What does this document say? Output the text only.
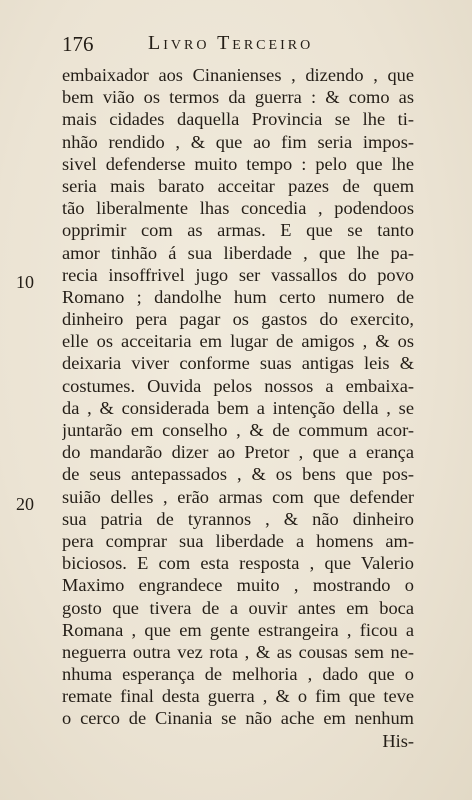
176	Livro Terceiro
10
20
embaixador aos Cinanienses , dizendo , que
bem vião os termos da guerra : & como as
mais cidades daquella Provincia se lhe ti-
nhão rendido , & que ao fim seria impos-
sivel defenderse muito tempo : pelo que lhe
seria mais barato acceitar pazes de quem
tão liberalmente lhas concedia , podendoos
opprimir com as armas. E que se tanto
amor tinhão á sua liberdade , que lhe pa-
recia insoffrivel jugo ser vassallos do povo
Romano ; dandolhe hum certo numero de
dinheiro pera pagar os gastos do exercito,
elle os acceitaria em lugar de amigos , & os
deixaria viver conforme suas antigas leis &
costumes. Ouvida pelos nossos a embaixa-
da , & considerada bem a intenção della , se
juntarão em conselho , & de commum acor-
do mandarão dizer ao Pretor , que a erança
de seus antepassados , & os bens que pos-
suião delles , erão armas com que defender
sua patria de tyrannos , & não dinheiro
pera comprar sua liberdade a homens am-
biciosos. E com esta resposta , que Valerio
Maximo engrandece muito , mostrando o
gosto que tivera de a ouvir antes em boca
Romana , que em gente estrangeira , ficou a
neguerra outra vez rota , & as cousas sem ne-
nhuma esperança de melhoria , dado que o
remate final desta guerra , & o fim que teve
o cerco de Cinania se não ache em nenhum
His-
